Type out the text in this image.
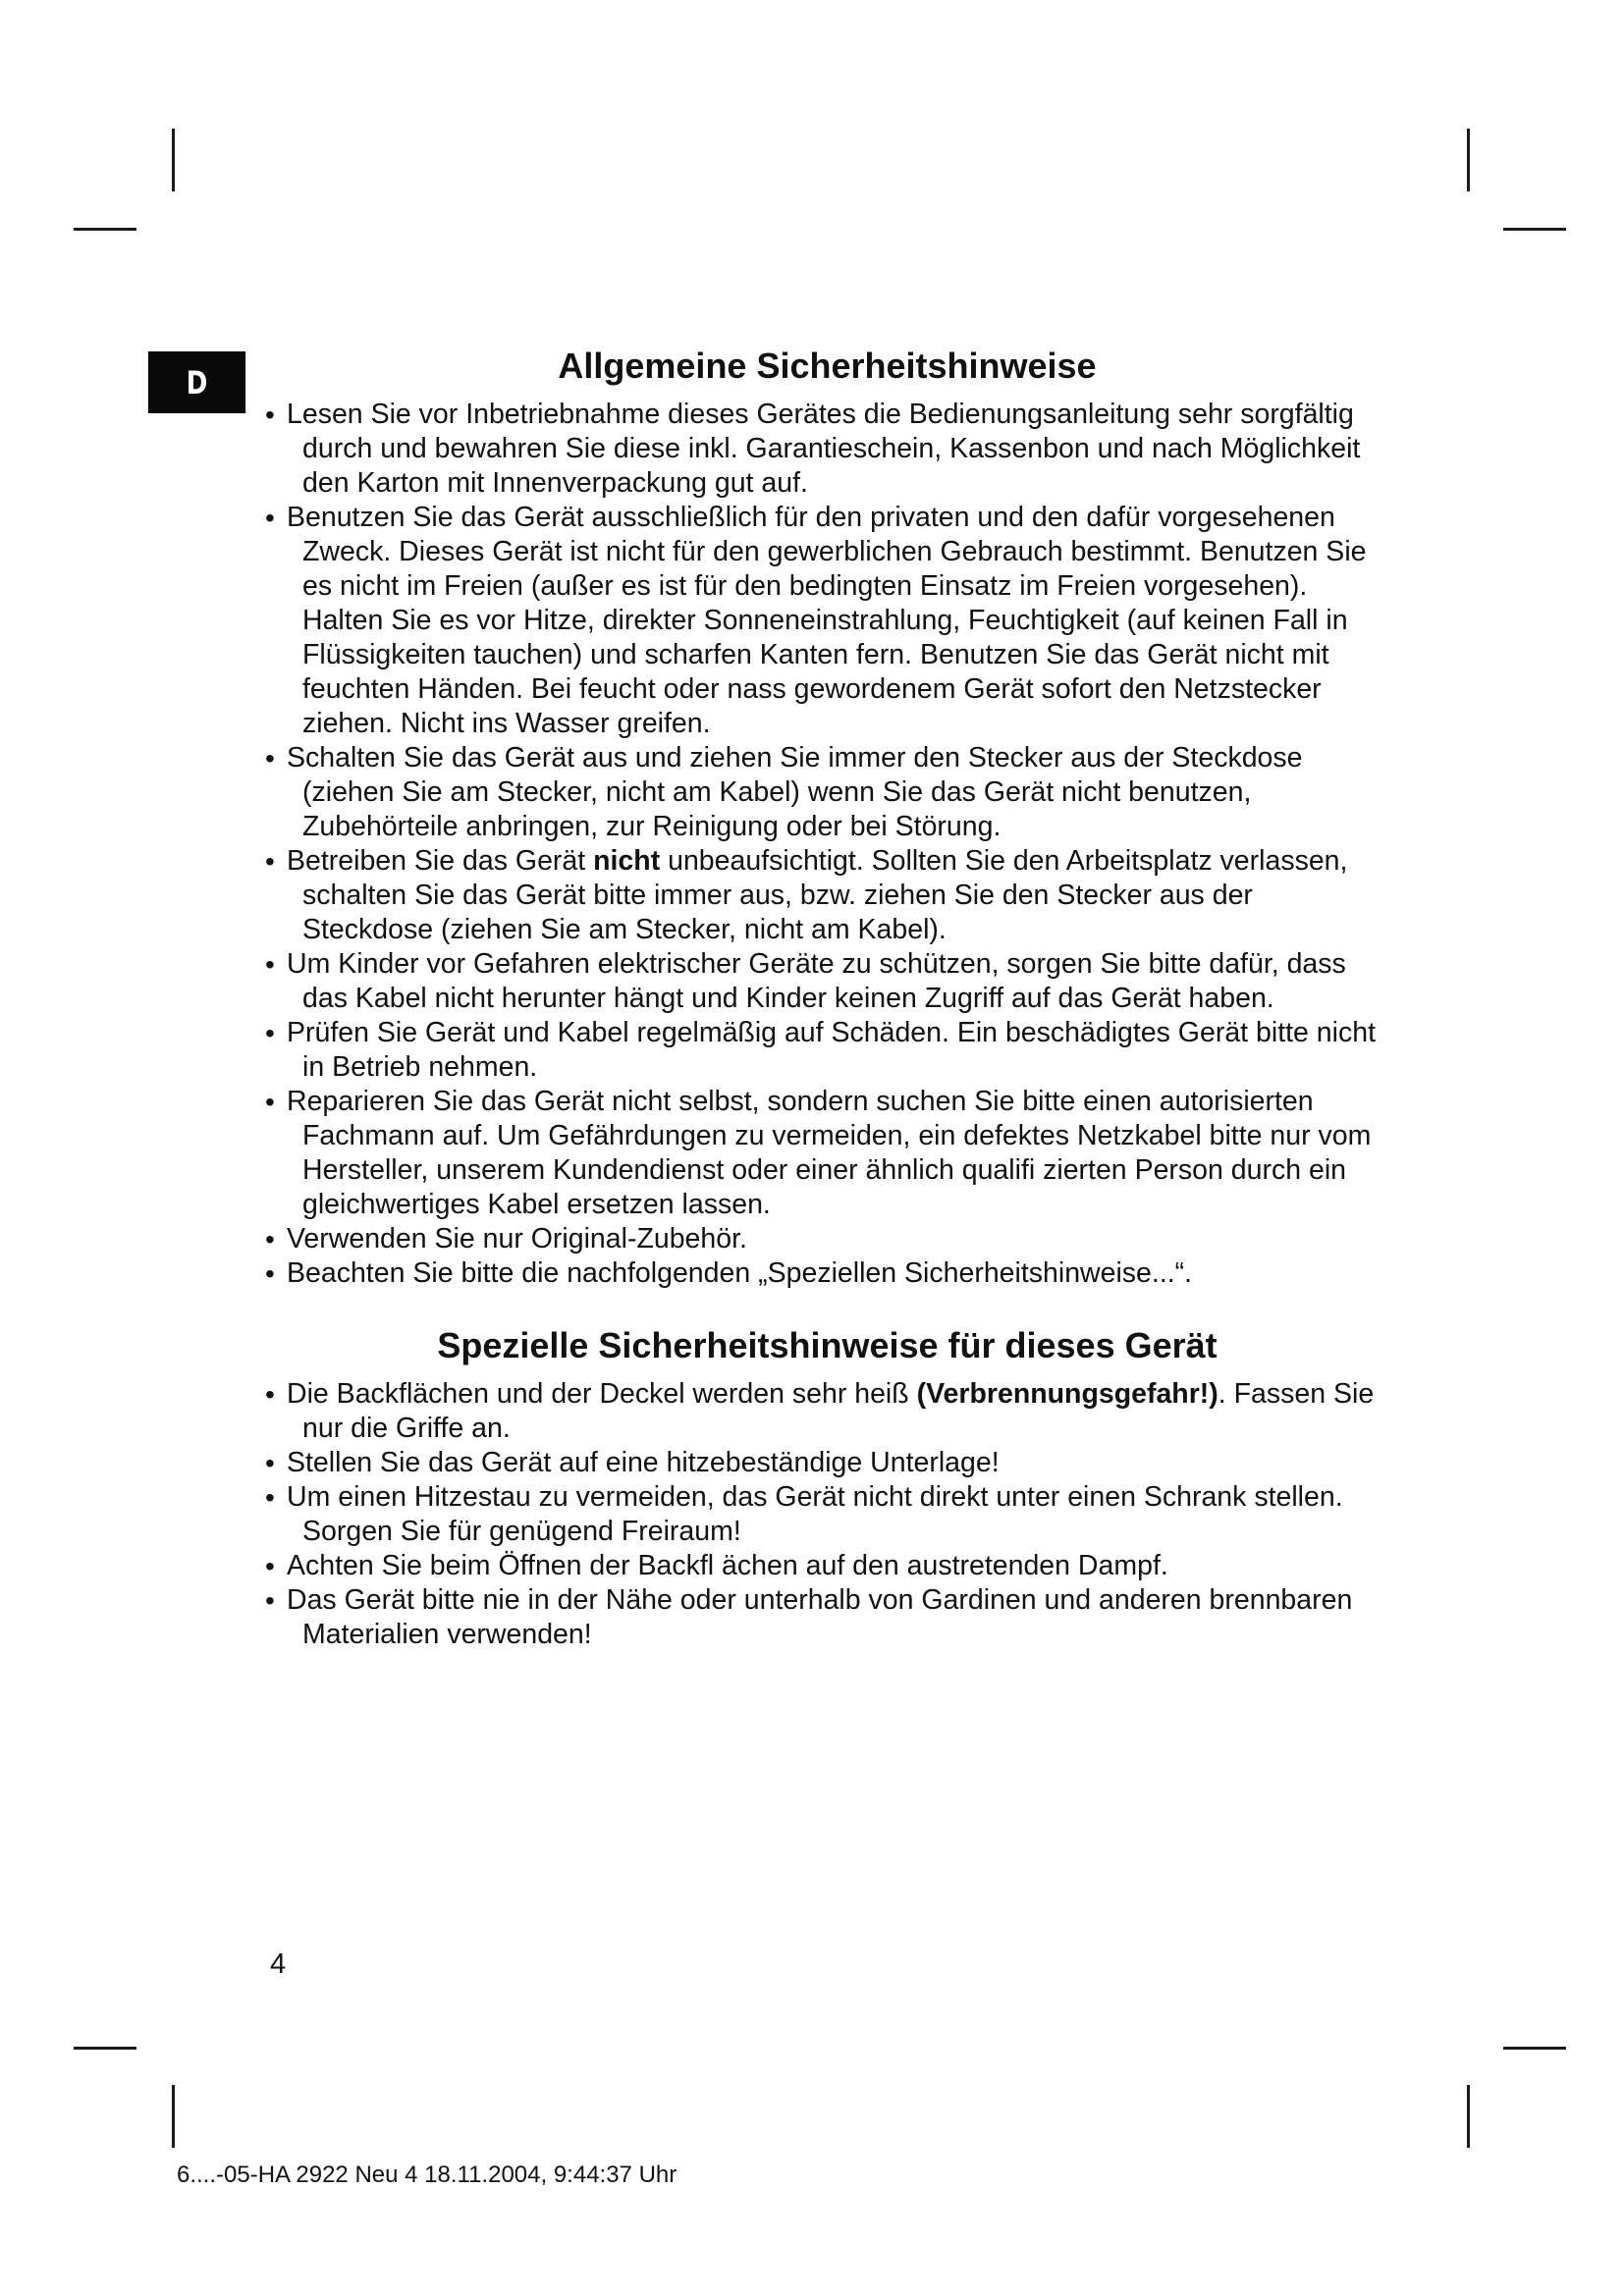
D	Allgemeine Sicherheitshinweise
• Lesen Sie vor Inbetriebnahme dieses Gerätes die Bedienungsanleitung sehr sorgfältig durch und bewahren Sie diese inkl. Garantieschein, Kassenbon und nach Möglichkeit den Karton mit Innenverpackung gut auf.
• Benutzen Sie das Gerät ausschließlich für den privaten und den dafür vorgesehenen Zweck. Dieses Gerät ist nicht für den gewerblichen Gebrauch bestimmt. Benutzen Sie es nicht im Freien (außer es ist für den bedingten Einsatz im Freien vorgesehen). Halten Sie es vor Hitze, direkter Sonneneinstrahlung, Feuchtigkeit (auf keinen Fall in Flüssigkeiten tauchen) und scharfen Kanten fern. Benutzen Sie das Gerät nicht mit feuchten Händen. Bei feucht oder nass gewordenem Gerät sofort den Netzstecker ziehen. Nicht ins Wasser greifen.
• Schalten Sie das Gerät aus und ziehen Sie immer den Stecker aus der Steckdose (ziehen Sie am Stecker, nicht am Kabel) wenn Sie das Gerät nicht benutzen, Zubehörteile anbringen, zur Reinigung oder bei Störung.
• Betreiben Sie das Gerät nicht unbeaufsichtigt. Sollten Sie den Arbeitsplatz verlassen, schalten Sie das Gerät bitte immer aus, bzw. ziehen Sie den Stecker aus der Steckdose (ziehen Sie am Stecker, nicht am Kabel).
• Um Kinder vor Gefahren elektrischer Geräte zu schützen, sorgen Sie bitte dafür, dass das Kabel nicht herunter hängt und Kinder keinen Zugriff auf das Gerät haben.
• Prüfen Sie Gerät und Kabel regelmäßig auf Schäden. Ein beschädigtes Gerät bitte nicht in Betrieb nehmen.
• Reparieren Sie das Gerät nicht selbst, sondern suchen Sie bitte einen autorisierten Fachmann auf. Um Gefährdungen zu vermeiden, ein defektes Netzkabel bitte nur vom Hersteller, unserem Kundendienst oder einer ähnlich qualifi zierten Person durch ein gleichwertiges Kabel ersetzen lassen.
• Verwenden Sie nur Original-Zubehör.
• Beachten Sie bitte die nachfolgenden „Speziellen Sicherheitshinweise...“.
Spezielle Sicherheitshinweise für dieses Gerät
• Die Backflächen und der Deckel werden sehr heiß (Verbrennungsgefahr!). Fassen Sie nur die Griffe an.
• Stellen Sie das Gerät auf eine hitzebeständige Unterlage!
• Um einen Hitzestau zu vermeiden, das Gerät nicht direkt unter einen Schrank stellen. Sorgen Sie für genügend Freiraum!
• Achten Sie beim Öffnen der Backfl ächen auf den austretenden Dampf.
• Das Gerät bitte nie in der Nähe oder unterhalb von Gardinen und anderen brennbaren Materialien verwenden!
4
6....-05-HA 2922 Neu 4 18.11.2004, 9:44:37 Uhr
